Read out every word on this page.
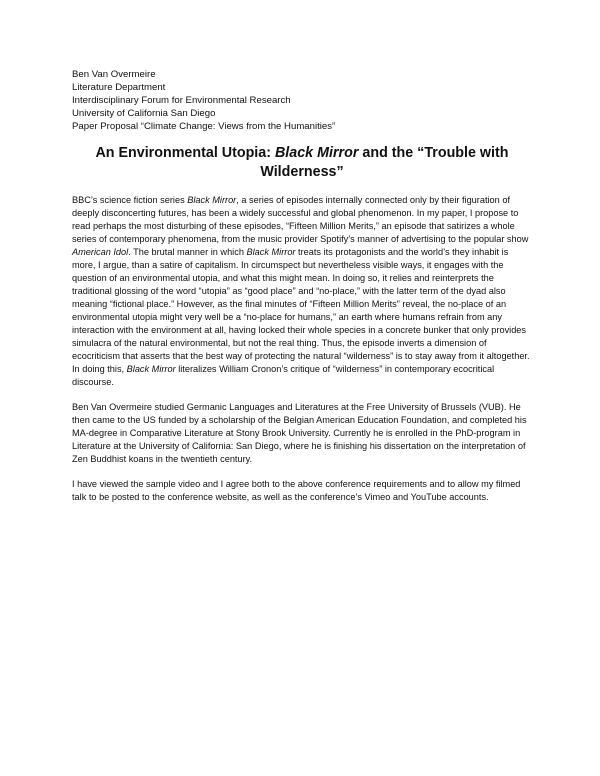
Ben Van Overmeire
Literature Department
Interdisciplinary Forum for Environmental Research
University of California San Diego
Paper Proposal “Climate Change: Views from the Humanities”
An Environmental Utopia: Black Mirror and the “Trouble with Wilderness”

BBC’s science fiction series Black Mirror, a series of episodes internally connected only by their figuration of deeply disconcerting futures, has been a widely successful and global phenomenon. In my paper, I propose to read perhaps the most disturbing of these episodes, “Fifteen Million Merits,” an episode that satirizes a whole series of contemporary phenomena, from the music provider Spotify’s manner of advertising to the popular show American Idol. The brutal manner in which Black Mirror treats its protagonists and the world’s they inhabit is more, I argue, than a satire of capitalism. In circumspect but nevertheless visible ways, it engages with the question of an environmental utopia, and what this might mean. In doing so, it relies and reinterprets the traditional glossing of the word “utopia” as “good place” and “no-place,” with the latter term of the dyad also meaning “fictional place.” However, as the final minutes of “Fifteen Million Merits” reveal, the no-place of an environmental utopia might very well be a “no-place for humans,” an earth where humans refrain from any interaction with the environment at all, having locked their whole species in a concrete bunker that only provides simulacra of the natural environmental, but not the real thing. Thus, the episode inverts a dimension of ecocriticism that asserts that the best way of protecting the natural “wilderness” is to stay away from it altogether. In doing this, Black Mirror literalizes William Cronon’s critique of “wilderness” in contemporary ecocritical discourse.

Ben Van Overmeire studied Germanic Languages and Literatures at the Free University of Brussels (VUB). He then came to the US funded by a scholarship of the Belgian American Education Foundation, and completed his MA-degree in Comparative Literature at Stony Brook University. Currently he is enrolled in the PhD-program in Literature at the University of California: San Diego, where he is finishing his dissertation on the interpretation of Zen Buddhist koans in the twentieth century.

I have viewed the sample video and I agree both to the above conference requirements and to allow my filmed talk to be posted to the conference website, as well as the conference’s Vimeo and YouTube accounts.
